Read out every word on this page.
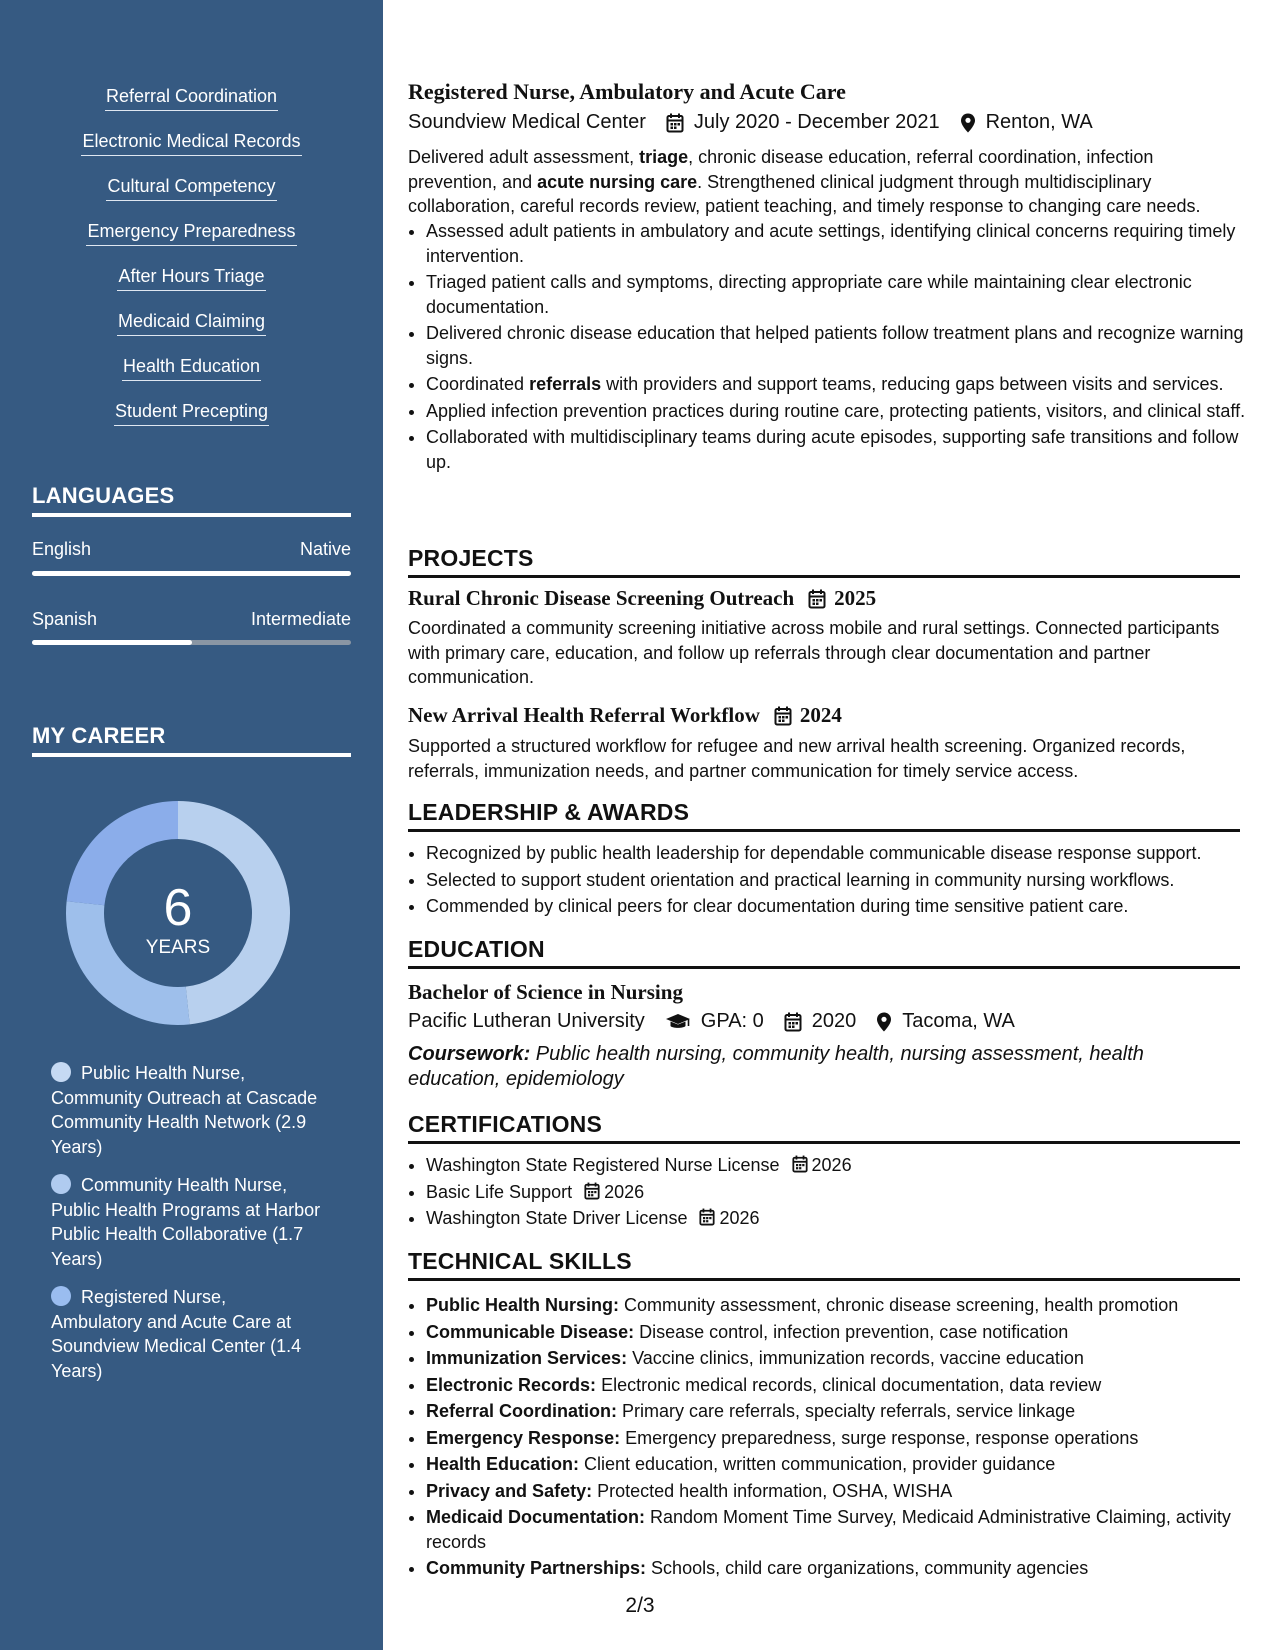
Referral Coordination
Electronic Medical Records
Cultural Competency
Emergency Preparedness
After Hours Triage
Medicaid Claiming
Health Education
Student Precepting
LANGUAGES
English	Native
Spanish	Intermediate
MY CAREER
6
YEARS
Public Health Nurse, Community Outreach at Cascade Community Health Network (2.9 Years)
Community Health Nurse, Public Health Programs at Harbor Public Health Collaborative (1.7 Years)
Registered Nurse, Ambulatory and Acute Care at Soundview Medical Center (1.4 Years)
Registered Nurse, Ambulatory and Acute Care
Soundview Medical Center July 2020 - December 2021 Renton, WA
Delivered adult assessment, triage, chronic disease education, referral coordination, infection prevention, and acute nursing care. Strengthened clinical judgment through multidisciplinary collaboration, careful records review, patient teaching, and timely response to changing care needs.
• Assessed adult patients in ambulatory and acute settings, identifying clinical concerns requiring timely intervention.
• Triaged patient calls and symptoms, directing appropriate care while maintaining clear electronic documentation.
• Delivered chronic disease education that helped patients follow treatment plans and recognize warning signs.
• Coordinated referrals with providers and support teams, reducing gaps between visits and services.
• Applied infection prevention practices during routine care, protecting patients, visitors, and clinical staff.
• Collaborated with multidisciplinary teams during acute episodes, supporting safe transitions and follow up.
PROJECTS
Rural Chronic Disease Screening Outreach 2025
Coordinated a community screening initiative across mobile and rural settings. Connected participants with primary care, education, and follow up referrals through clear documentation and partner communication.
New Arrival Health Referral Workflow 2024
Supported a structured workflow for refugee and new arrival health screening. Organized records, referrals, immunization needs, and partner communication for timely service access.
LEADERSHIP & AWARDS
• Recognized by public health leadership for dependable communicable disease response support.
• Selected to support student orientation and practical learning in community nursing workflows.
• Commended by clinical peers for clear documentation during time sensitive patient care.
EDUCATION
Bachelor of Science in Nursing
Pacific Lutheran University	GPA: 0 2020 Tacoma, WA
Coursework: Public health nursing, community health, nursing assessment, health education, epidemiology
CERTIFICATIONS
• Washington State Registered Nurse License 2026
• Basic Life Support 2026
• Washington State Driver License 2026
TECHNICAL SKILLS
• Public Health Nursing: Community assessment, chronic disease screening, health promotion
• Communicable Disease: Disease control, infection prevention, case notification
• Immunization Services: Vaccine clinics, immunization records, vaccine education
• Electronic Records: Electronic medical records, clinical documentation, data review
• Referral Coordination: Primary care referrals, specialty referrals, service linkage
• Emergency Response: Emergency preparedness, surge response, response operations
• Health Education: Client education, written communication, provider guidance
• Privacy and Safety: Protected health information, OSHA, WISHA
• Medicaid Documentation: Random Moment Time Survey, Medicaid Administrative Claiming, activity records
• Community Partnerships: Schools, child care organizations, community agencies
2/3
